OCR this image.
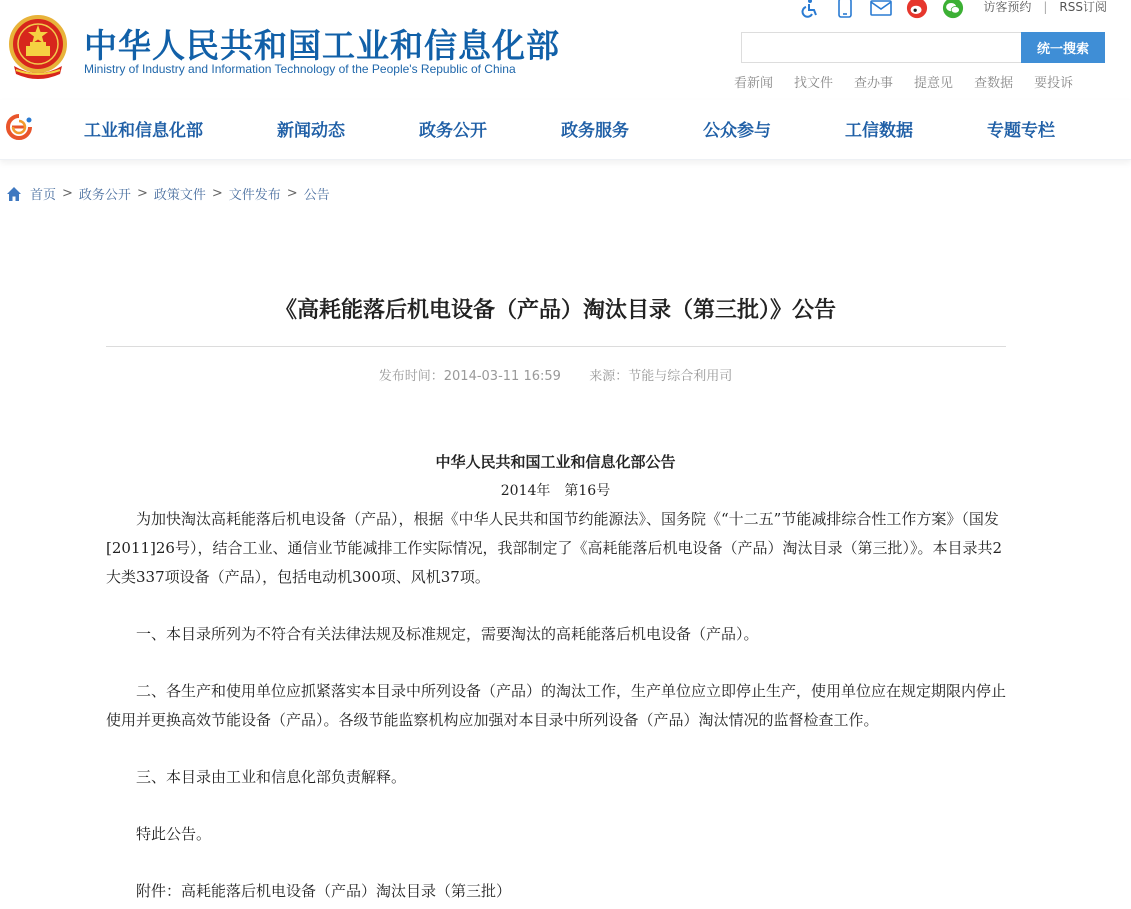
中华人民共和国工业和信息化部
Ministry of Industry and Information Technology of the People's Republic of China
访客预约 | RSS订阅
统一搜索
看新闻 找文件 查办事 提意见 查数据 要投诉
工业和信息化部	新闻动态	政务公开	政务服务	公众参与	工信数据	专题专栏
首页 > 政务公开 > 政策文件 > 文件发布 > 公告
《高耗能落后机电设备（产品）淘汰目录（第三批）》公告
发布时间：2014-03-11 16:59 来源：节能与综合利用司
中华人民共和国工业和信息化部公告
2014年　第16号

为加快淘汰高耗能落后机电设备（产品），根据《中华人民共和国节约能源法》、国务院《“十二五”节能减排综合性工作方案》（国发[2011]26号），结合工业、通信业节能减排工作实际情况，我部制定了《高耗能落后机电设备（产品）淘汰目录（第三批）》。本目录共2大类337项设备（产品），包括电动机300项、风机37项。

一、本目录所列为不符合有关法律法规及标准规定，需要淘汰的高耗能落后机电设备（产品）。

二、各生产和使用单位应抓紧落实本目录中所列设备（产品）的淘汰工作，生产单位应立即停止生产，使用单位应在规定期限内停止使用并更换高效节能设备（产品）。各级节能监察机构应加强对本目录中所列设备（产品）淘汰情况的监督检查工作。

三、本目录由工业和信息化部负责解释。

特此公告。

附件：高耗能落后机电设备（产品）淘汰目录（第三批）
